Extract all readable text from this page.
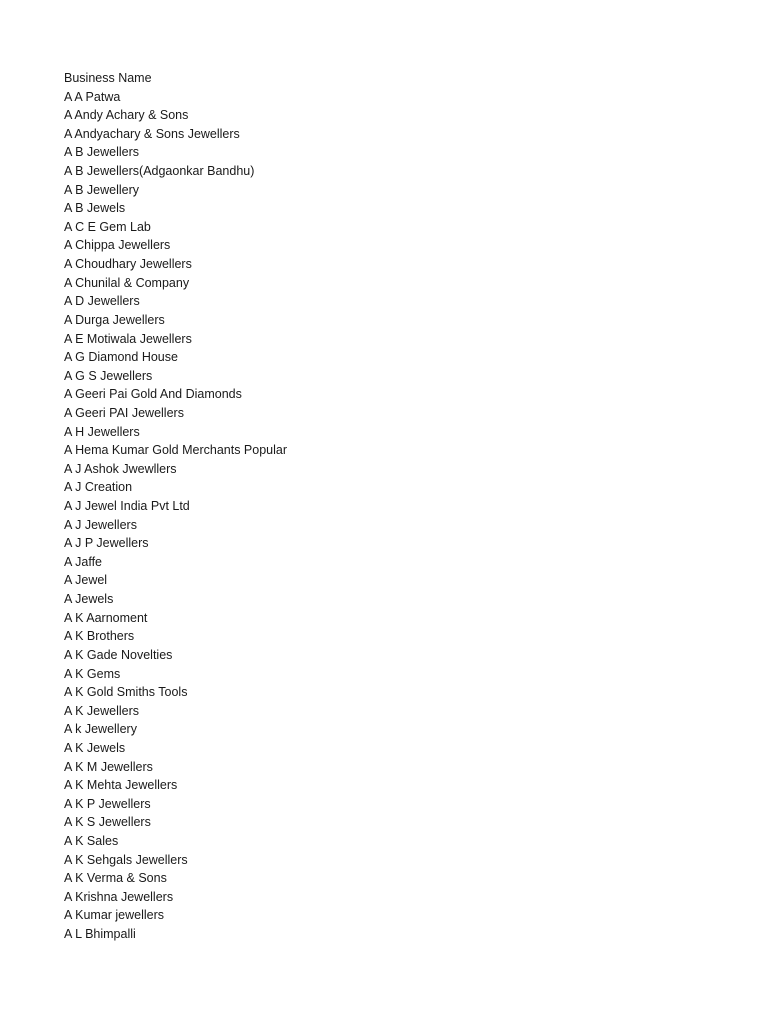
Business Name
A A Patwa
A Andy Achary & Sons
A Andyachary & Sons Jewellers
A B Jewellers
A B Jewellers(Adgaonkar Bandhu)
A B Jewellery
A B Jewels
A C E Gem Lab
A Chippa Jewellers
A Choudhary Jewellers
A Chunilal & Company
A D Jewellers
A Durga Jewellers
A E Motiwala Jewellers
A G Diamond House
A G S Jewellers
A Geeri Pai Gold And Diamonds
A Geeri PAI Jewellers
A H Jewellers
A Hema Kumar Gold Merchants Popular
A J Ashok Jwewllers
A J Creation
A J Jewel India Pvt Ltd
A J Jewellers
A J P Jewellers
A Jaffe
A Jewel
A Jewels
A K Aarnoment
A K Brothers
A K Gade Novelties
A K Gems
A K Gold Smiths Tools
A K Jewellers
A k Jewellery
A K Jewels
A K M Jewellers
A K Mehta Jewellers
A K P Jewellers
A K S Jewellers
A K Sales
A K Sehgals Jewellers
A K Verma & Sons
A Krishna Jewellers
A Kumar jewellers
A L Bhimpalli
